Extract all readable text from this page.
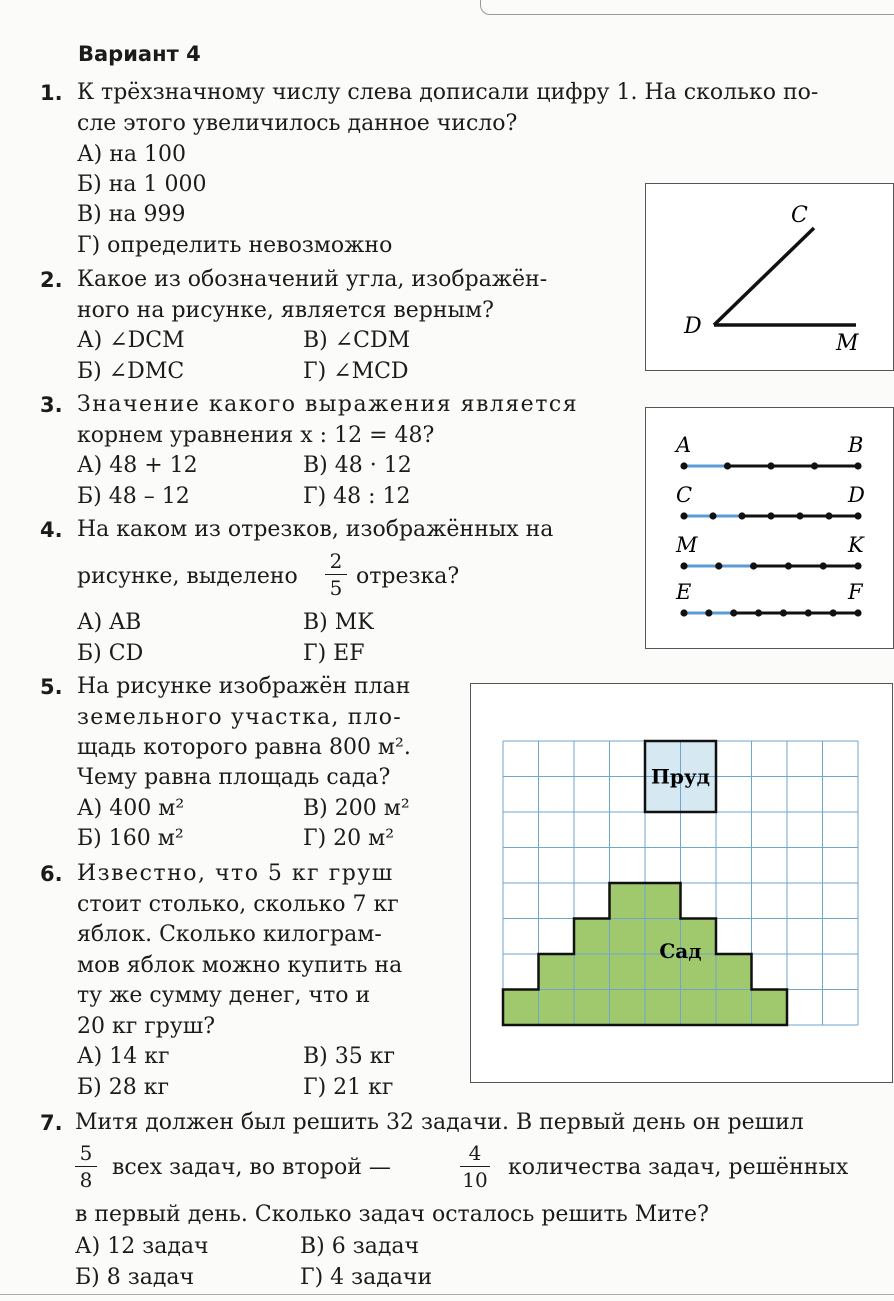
Вариант 4
1. К трёхзначному числу слева дописали цифру 1. На сколько по-
сле этого увеличилось данное число?
А) на 100
Б) на 1 000
В) на 999
Г) определить невозможно
C
D
M
2. Какое из обозначений угла, изображён-
ного на рисунке, является верным?
А) ∠DCM
Б) ∠DMC
В) ∠CDM
Г) ∠MCD
3. Значение какого выражения является
корнем уравнения x : 12 = 48?
А) 48 + 12
Б) 48 – 12
В) 48 · 12
Г) 48 : 12
A	B
C	D
M	K
E	F
4. На каком из отрезков, изображённых на
рисунке, выделено
2
5 отрезка?
А) AB
Б) CD
В) MK
Г) EF
Пруд
Сад
5. На рисунке изображён план
земельного участка, пло-
щадь которого равна 800 м².
Чему равна площадь сада?
А) 400 м²
Б) 160 м²
В) 200 м²
Г) 20 м²
6. Известно, что 5 кг груш
стоит столько, сколько 7 кг
яблок. Сколько килограм-
мов яблок можно купить на
ту же сумму денег, что и
20 кг груш?
А) 14 кг
Б) 28 кг
В) 35 кг
Г) 21 кг
7. Митя должен был решить 32 задачи. В первый день он решил
5
8 всех задач, во второй —
4
10 количества задач, решённых
в первый день. Сколько задач осталось решить Мите?
А) 12 задач
Б) 8 задач
В) 6 задач
Г) 4 задачи
